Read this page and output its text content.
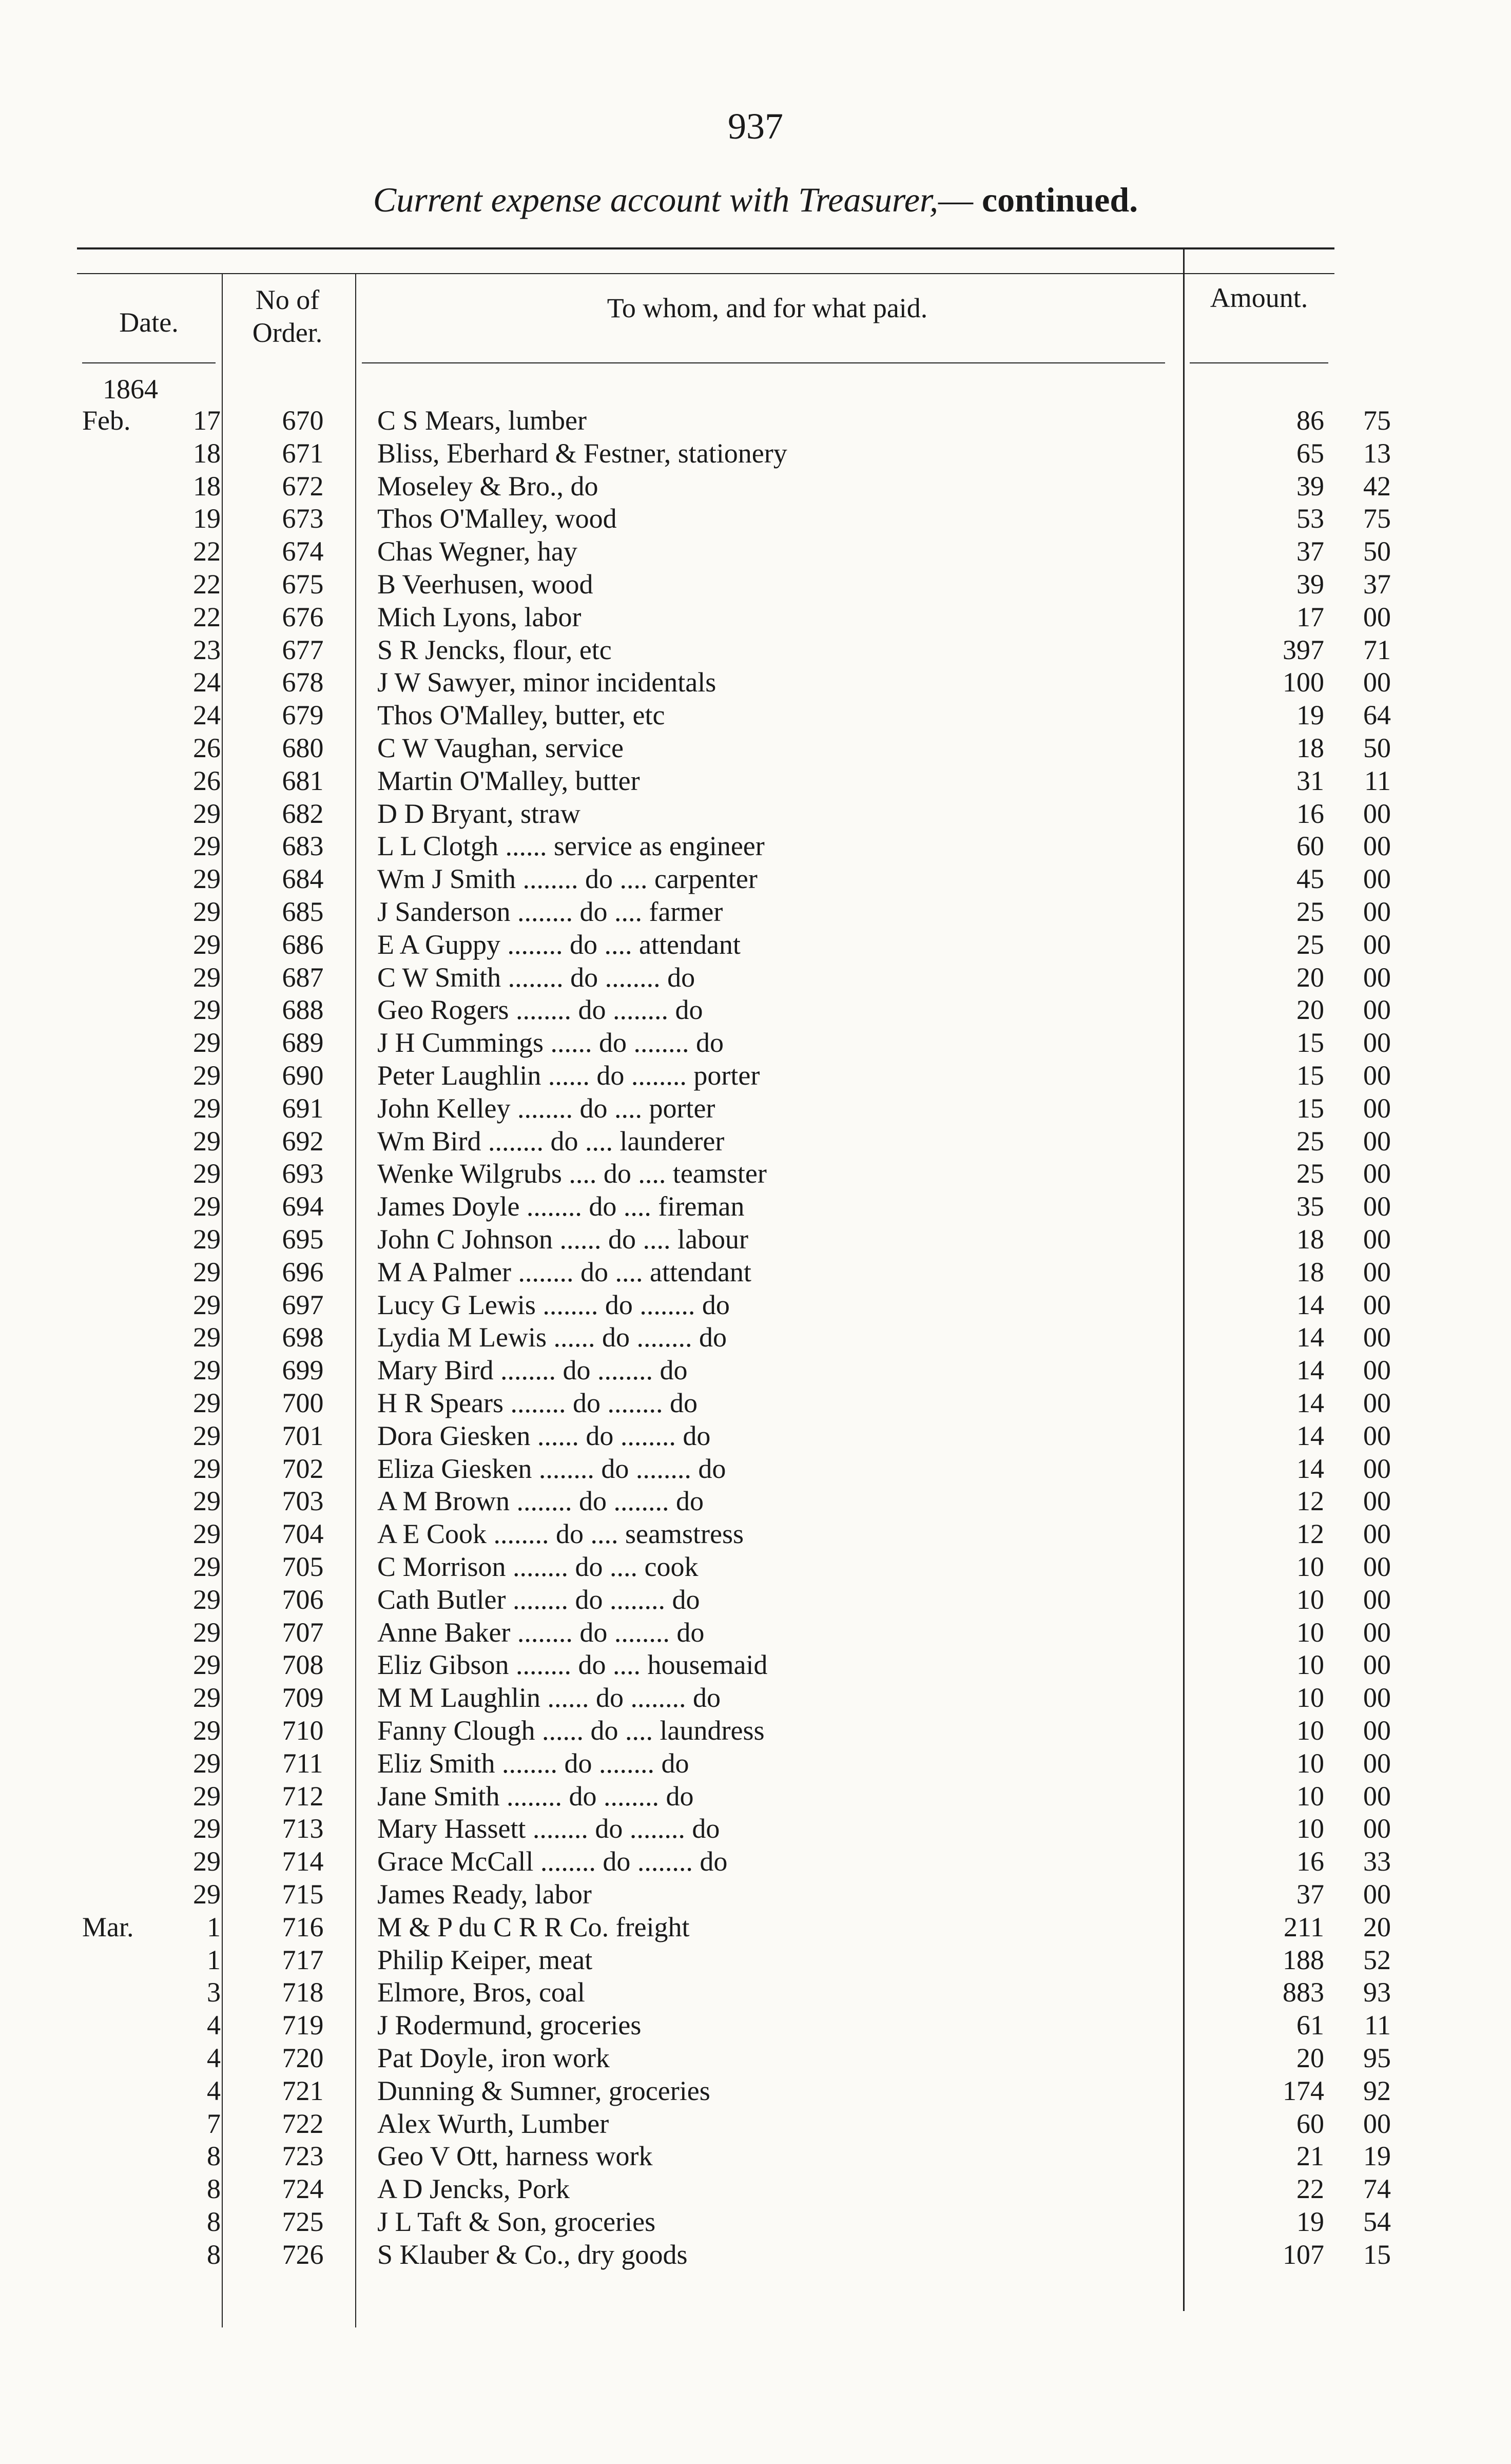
937
Current expense account with Treasurer,— continued.
Date.
No of
Order.
To whom, and for what paid.	Amount.
1864
Feb.	17	670	C S Mears, lumber	86	75
18	671	Bliss, Eberhard & Festner, stationery	65	13
18	672	Moseley & Bro., do	39	42
19	673	Thos O'Malley, wood	53	75
22	674	Chas Wegner, hay	37	50
22	675	B Veerhusen, wood	39	37
22	676	Mich Lyons, labor	17	00
23	677	S R Jencks, flour, etc	397	71
24	678	J W Sawyer, minor incidentals	100	00
24	679	Thos O'Malley, butter, etc	19	64
26	680	C W Vaughan, service	18	50
26	681	Martin O'Malley, butter	31	11
29	682	D D Bryant, straw	16	00
29	683	L L Clotgh ...... service as engineer	60	00
29	684	Wm J Smith ........ do .... carpenter	45	00
29	685	J Sanderson ........ do .... farmer	25	00
29	686	E A Guppy ........ do .... attendant	25	00
29	687	C W Smith ........ do ........ do	20	00
29	688	Geo Rogers ........ do ........ do	20	00
29	689	J H Cummings ...... do ........ do	15	00
29	690	Peter Laughlin ...... do ........ porter	15	00
29	691	John Kelley ........ do .... porter	15	00
29	692	Wm Bird ........ do .... launderer	25	00
29	693	Wenke Wilgrubs .... do .... teamster	25	00
29	694	James Doyle ........ do .... fireman	35	00
29	695	John C Johnson ...... do .... labour	18	00
29	696	M A Palmer ........ do .... attendant	18	00
29	697	Lucy G Lewis ........ do ........ do	14	00
29	698	Lydia M Lewis ...... do ........ do	14	00
29	699	Mary Bird ........ do ........ do	14	00
29	700	H R Spears ........ do ........ do	14	00
29	701	Dora Giesken ...... do ........ do	14	00
29	702	Eliza Giesken ........ do ........ do	14	00
29	703	A M Brown ........ do ........ do	12	00
29	704	A E Cook ........ do .... seamstress	12	00
29	705	C Morrison ........ do .... cook	10	00
29	706	Cath Butler ........ do ........ do	10	00
29	707	Anne Baker ........ do ........ do	10	00
29	708	Eliz Gibson ........ do .... housemaid	10	00
29	709	M M Laughlin ...... do ........ do	10	00
29	710	Fanny Clough ...... do .... laundress	10	00
29	711	Eliz Smith ........ do ........ do	10	00
29	712	Jane Smith ........ do ........ do	10	00
29	713	Mary Hassett ........ do ........ do	10	00
29	714	Grace McCall ........ do ........ do	16	33
29	715	James Ready, labor	37	00
Mar.	1	716	M & P du C R R Co. freight	211	20
1	717	Philip Keiper, meat	188	52
3	718	Elmore, Bros, coal	883	93
4	719	J Rodermund, groceries	61	11
4	720	Pat Doyle, iron work	20	95
4	721	Dunning & Sumner, groceries	174	92
7	722	Alex Wurth, Lumber	60	00
8	723	Geo V Ott, harness work	21	19
8	724	A D Jencks, Pork	22	74
8	725	J L Taft & Son, groceries	19	54
8	726	S Klauber & Co., dry goods	107	15
